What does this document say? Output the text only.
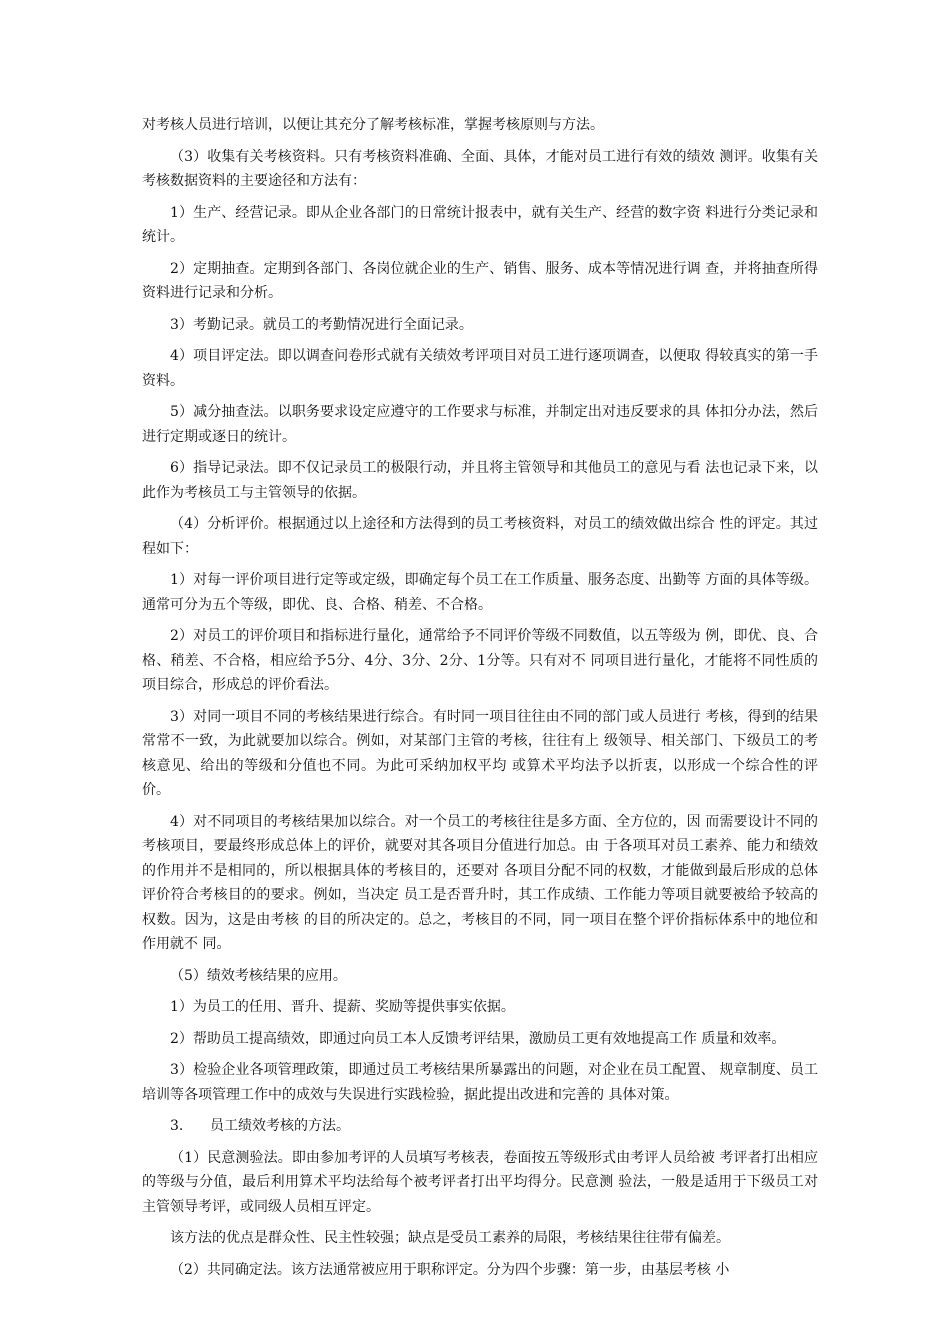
对考核人员进行培训，以便让其充分了解考核标准，掌握考核原则与方法。

（3）收集有关考核资料。只有考核资料准确、全面、具体，才能对员工进行有效的绩效 测评。收集有关考核数据资料的主要途径和方法有：

1）生产、经营记录。即从企业各部门的日常统计报表中，就有关生产、经营的数字资 料进行分类记录和统计。

2）定期抽查。定期到各部门、各岗位就企业的生产、销售、服务、成本等情况进行调 查，并将抽查所得资料进行记录和分析。

3）考勤记录。就员工的考勤情况进行全面记录。

4）项目评定法。即以调查问卷形式就有关绩效考评项目对员工进行逐项调查，以便取 得较真实的第一手资料。

5）减分抽查法。以职务要求设定应遵守的工作要求与标准，并制定出对违反要求的具 体扣分办法，然后进行定期或逐日的统计。

6）指导记录法。即不仅记录员工的极限行动，并且将主管领导和其他员工的意见与看 法也记录下来，以此作为考核员工与主管领导的依据。

（4）分析评价。根据通过以上途径和方法得到的员工考核资料，对员工的绩效做出综合 性的评定。其过程如下：

1）对每一评价项目进行定等或定级，即确定每个员工在工作质量、服务态度、出勤等 方面的具体等级。通常可分为五个等级，即优、良、合格、稍差、不合格。

2）对员工的评价项目和指标进行量化，通常给予不同评价等级不同数值，以五等级为 例，即优、良、合格、稍差、不合格，相应给予5分、4分、3分、2分、1分等。只有对不 同项目进行量化，才能将不同性质的项目综合，形成总的评价看法。

3）对同一项目不同的考核结果进行综合。有时同一项目往往由不同的部门或人员进行 考核，得到的结果常常不一致，为此就要加以综合。例如，对某部门主管的考核，往往有上 级领导、相关部门、下级员工的考核意见、给出的等级和分值也不同。为此可采纳加权平均 或算术平均法予以折衷，以形成一个综合性的评价。

4）对不同项目的考核结果加以综合。对一个员工的考核往往是多方面、全方位的，因 而需要设计不同的考核项目，要最终形成总体上的评价，就要对其各项目分值进行加总。由 于各项耳对员工素养、能力和绩效的作用并不是相同的，所以根据具体的考核目的，还要对 各项目分配不同的权数，才能做到最后形成的总体评价符合考核目的的要求。例如，当决定 员工是否晋升时，其工作成绩、工作能力等项目就要被给予较高的权数。因为，这是由考核 的目的所决定的。总之，考核目的不同，同一项目在整个评价指标体系中的地位和作用就不 同。

（5）绩效考核结果的应用。

1）为员工的任用、晋升、提薪、奖励等提供事实依据。

2）帮助员工提高绩效，即通过向员工本人反馈考评结果，激励员工更有效地提高工作 质量和效率。

3）检验企业各项管理政策，即通过员工考核结果所暴露出的问题，对企业在员工配置、 规章制度、员工培训等各项管理工作中的成效与失误进行实践检验，据此提出改进和完善的 具体对策。

3. 员工绩效考核的方法。

（1）民意测验法。即由参加考评的人员填写考核表，卷面按五等级形式由考评人员给被 考评者打出相应的等级与分值，最后利用算术平均法给每个被考评者打出平均得分。民意测 验法，一般是适用于下级员工对主管领导考评，或同级人员相互评定。

该方法的优点是群众性、民主性较强；缺点是受员工素养的局限，考核结果往往带有偏差。

（2）共同确定法。该方法通常被应用于职称评定。分为四个步骤：第一步，由基层考核 小
